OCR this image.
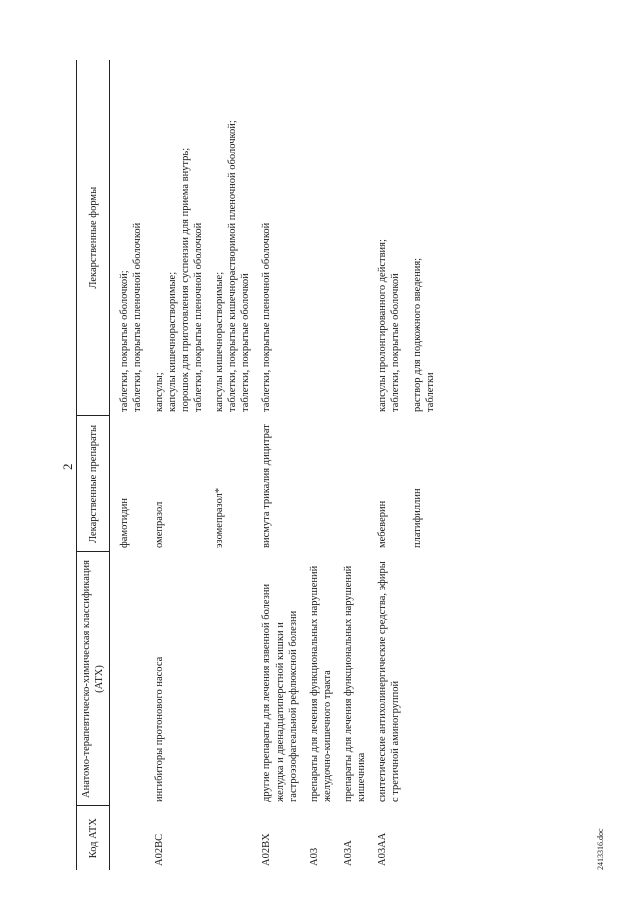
2
Код АТХ	Анатомо-терапевтическо-химическая классификация (АТХ)	Лекарственные препараты	Лекарственные формы

		фамотидин	таблетки, покрытые оболочкой;
таблетки, покрытые пленочной оболочкой

A02BC	ингибиторы протонового насоса	омепразол	капсулы;
капсулы кишечнорастворимые;
порошок для приготовления суспензии для приема внутрь;
таблетки, покрытые пленочной оболочкой

		эзомепразол*	капсулы кишечнорастворимые;
таблетки, покрытые кишечнорастворимой пленочной оболочкой;
таблетки, покрытые оболочкой

A02BX	другие препараты для лечения язвенной болезни желудка и двенадцатиперстной кишки и гастроэзофагеальной рефлюксной болезни	висмута трикалия дицитрат	таблетки, покрытые пленочной оболочкой

A03	препараты для лечения функциональных нарушений желудочно-кишечного тракта		

A03A	препараты для лечения функциональных нарушений кишечника		

A03AA	синтетические антихолинергические средства, эфиры с третичной аминогруппой	мебеверин	капсулы пролонгированного действия;
таблетки, покрытые оболочкой

		платифиллин	раствор для подкожного введения;
таблетки
2413316.doc
